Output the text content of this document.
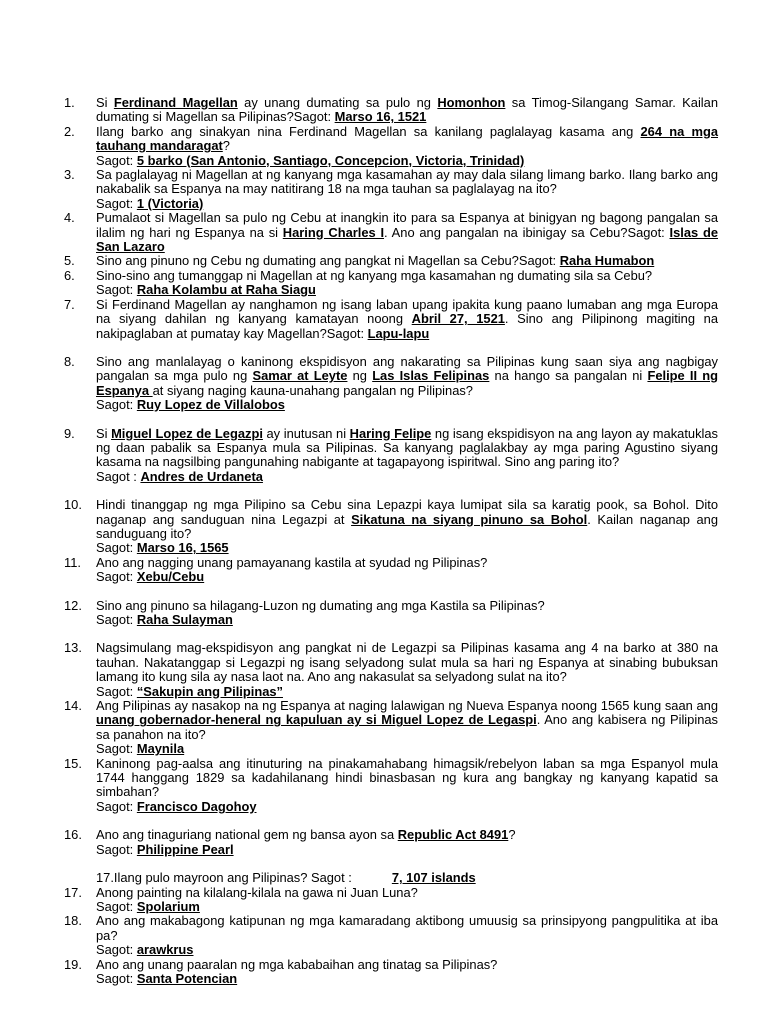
1.	Si Ferdinand Magellan ay unang dumating sa pulo ng Homonhon sa Timog-Silangang Samar. Kailan dumating si Magellan sa Pilipinas?Sagot: Marso 16, 1521

2.	Ilang barko ang sinakyan nina Ferdinand Magellan sa kanilang paglalayag kasama ang 264 na mga tauhang mandaragat?

Sagot: 5 barko (San Antonio, Santiago, Concepcion, Victoria, Trinidad)

3.	Sa paglalayag ni Magellan at ng kanyang mga kasamahan ay may dala silang limang barko. Ilang barko ang nakabalik sa Espanya na may natitirang 18 na mga tauhan sa paglalayag na ito?

Sagot: 1 (Victoria)

4.	Pumalaot si Magellan sa pulo ng Cebu at inangkin ito para sa Espanya at binigyan ng bagong pangalan sa ilalim ng hari ng Espanya na si Haring Charles I. Ano ang pangalan na ibinigay sa Cebu?Sagot: Islas de San Lazaro

5.	Sino ang pinuno ng Cebu ng dumating ang pangkat ni Magellan sa Cebu?Sagot: Raha Humabon

6.	Sino-sino ang tumanggap ni Magellan at ng kanyang mga kasamahan ng dumating sila sa Cebu?

Sagot: Raha Kolambu at Raha Siagu

7.	Si Ferdinand Magellan ay nanghamon ng isang laban upang ipakita kung paano lumaban ang mga Europa na siyang dahilan ng kanyang kamatayan noong Abril 27, 1521. Sino ang Pilipinong magiting na nakipaglaban at pumatay kay Magellan?Sagot: Lapu-lapu

8.	Sino ang manlalayag o kaninong ekspidisyon ang nakarating sa Pilipinas kung saan siya ang nagbigay pangalan sa mga pulo ng Samar at Leyte ng Las Islas Felipinas na hango sa pangalan ni Felipe II ng Espanya at siyang naging kauna-unahang pangalan ng Pilipinas?

Sagot: Ruy Lopez de Villalobos

9.	Si Miguel Lopez de Legazpi ay inutusan ni Haring Felipe ng isang ekspidisyon na ang layon ay makatuklas ng daan pabalik sa Espanya mula sa Pilipinas. Sa kanyang paglalakbay ay mga paring Agustino siyang kasama na nagsilbing pangunahing nabigante at tagapayong ispiritwal. Sino ang paring ito?

Sagot : Andres de Urdaneta

10.	Hindi tinanggap ng mga Pilipino sa Cebu sina Lepazpi kaya lumipat sila sa karatig pook, sa Bohol. Dito naganap ang sanduguan nina Legazpi at Sikatuna na siyang pinuno sa Bohol. Kailan naganap ang sanduguang ito?

Sagot: Marso 16, 1565

11.	Ano ang nagging unang pamayanang kastila at syudad ng Pilipinas?

Sagot: Xebu/Cebu

12.	Sino ang pinuno sa hilagang-Luzon ng dumating ang mga Kastila sa Pilipinas?

Sagot: Raha Sulayman

13.	Nagsimulang mag-ekspidisyon ang pangkat ni de Legazpi sa Pilipinas kasama ang 4 na barko at 380 na tauhan. Nakatanggap si Legazpi ng isang selyadong sulat mula sa hari ng Espanya at sinabing bubuksan lamang ito kung sila ay nasa laot na. Ano ang nakasulat sa selyadong sulat na ito?

Sagot: “Sakupin ang Pilipinas”

14.	Ang Pilipinas ay nasakop na ng Espanya at naging lalawigan ng Nueva Espanya noong 1565 kung saan ang unang gobernador-heneral ng kapuluan ay si Miguel Lopez de Legaspi. Ano ang kabisera ng Pilipinas sa panahon na ito?

Sagot: Maynila

15.	Kaninong pag-aalsa ang itinuturing na pinakamahabang himagsik/rebelyon laban sa mga Espanyol mula 1744 hanggang 1829 sa kadahilanang hindi binasbasan ng kura ang bangkay ng kanyang kapatid sa simbahan?

Sagot: Francisco Dagohoy

16.	Ano ang tinaguriang national gem ng bansa ayon sa Republic Act 8491?

Sagot: Philippine Pearl

17.Ilang pulo mayroon ang Pilipinas? Sagot :	7, 107 islands
17.	Anong painting na kilalang-kilala na gawa ni Juan Luna?

Sagot: Spolarium

18.	Ano ang makabagong katipunan ng mga kamaradang aktibong umuusig sa prinsipyong pangpulitika at iba pa?

Sagot: arawkrus

19.	Ano ang unang paaralan ng mga kababaihan ang tinatag sa Pilipinas?

Sagot: Santa Potencian
